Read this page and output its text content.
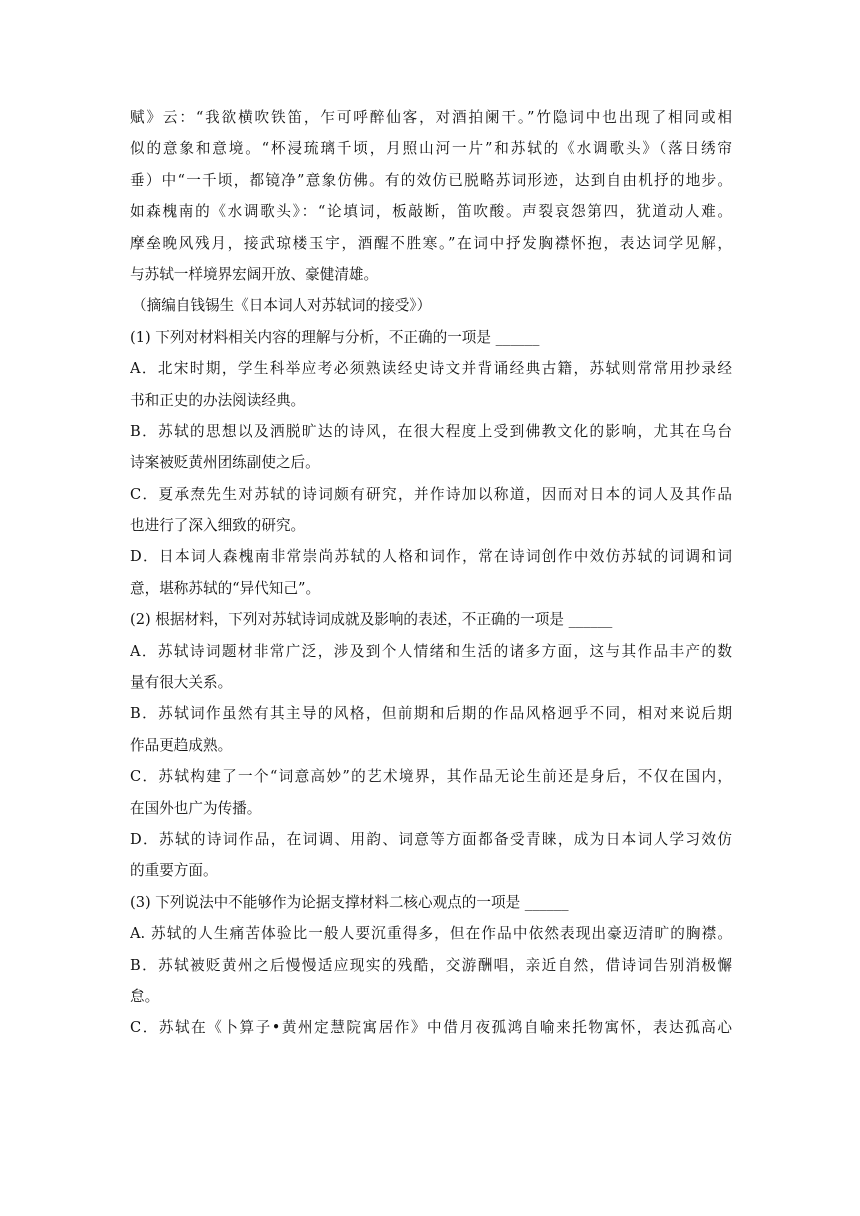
赋》云：“我欲横吹铁笛，乍可呼醉仙客，对酒拍阑干。”竹隐词中也出现了相同或相
似的意象和意境。“杯浸琉璃千顷，月照山河一片”和苏轼的《水调歌头》（落日绣帘
垂）中“一千顷，都镜净”意象仿佛。有的效仿已脱略苏词形迹，达到自由机抒的地步。
如森槐南的《水调歌头》：“论填词，板敲断，笛吹酸。声裂哀怨第四，犹道动人难。
摩垒晚风残月，接武琼楼玉宇，酒醒不胜寒。”在词中抒发胸襟怀抱，表达词学见解，
与苏轼一样境界宏阔开放、豪健清雄。
（摘编自钱锡生《日本词人对苏轼词的接受》）
(1) 下列对材料相关内容的理解与分析，不正确的一项是 ______
A．北宋时期，学生科举应考必须熟读经史诗文并背诵经典古籍，苏轼则常常用抄录经
书和正史的办法阅读经典。
B．苏轼的思想以及洒脱旷达的诗风，在很大程度上受到佛教文化的影响，尤其在乌台
诗案被贬黄州团练副使之后。
C．夏承焘先生对苏轼的诗词颇有研究，并作诗加以称道，因而对日本的词人及其作品
也进行了深入细致的研究。
D．日本词人森槐南非常崇尚苏轼的人格和词作，常在诗词创作中效仿苏轼的词调和词
意，堪称苏轼的“异代知己”。
(2) 根据材料，下列对苏轼诗词成就及影响的表述，不正确的一项是 ______
A．苏轼诗词题材非常广泛，涉及到个人情绪和生活的诸多方面，这与其作品丰产的数
量有很大关系。
B．苏轼词作虽然有其主导的风格，但前期和后期的作品风格迥乎不同，相对来说后期
作品更趋成熟。
C．苏轼构建了一个“词意高妙”的艺术境界，其作品无论生前还是身后，不仅在国内，
在国外也广为传播。
D．苏轼的诗词作品，在词调、用韵、词意等方面都备受青睐，成为日本词人学习效仿
的重要方面。
(3) 下列说法中不能够作为论据支撑材料二核心观点的一项是 ______
A. 苏轼的人生痛苦体验比一般人要沉重得多，但在作品中依然表现出豪迈清旷的胸襟。
B．苏轼被贬黄州之后慢慢适应现实的残酷，交游酬唱，亲近自然，借诗词告别消极懈
怠。
C．苏轼在《卜算子•黄州定慧院寓居作》中借月夜孤鸿自喻来托物寓怀，表达孤高心
